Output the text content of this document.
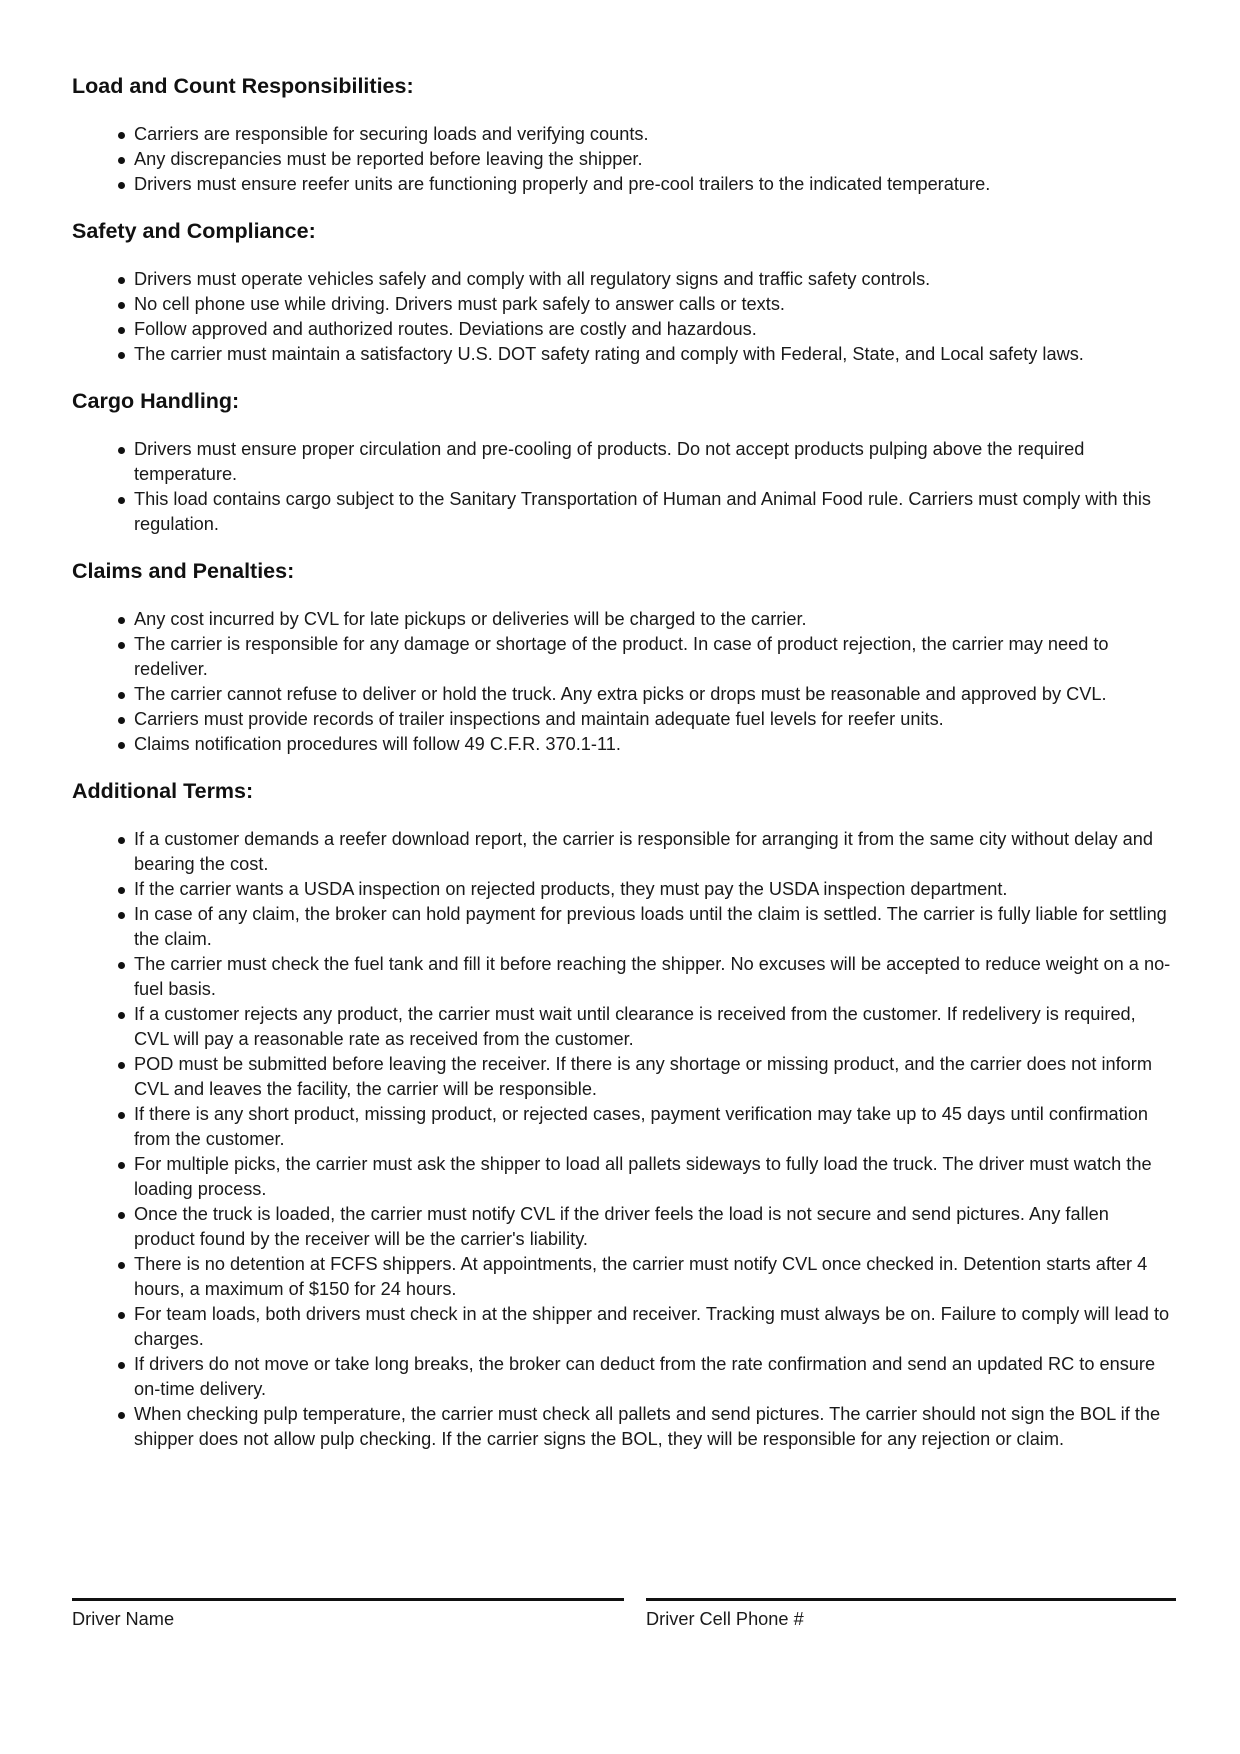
Load and Count Responsibilities:
Carriers are responsible for securing loads and verifying counts.
Any discrepancies must be reported before leaving the shipper.
Drivers must ensure reefer units are functioning properly and pre-cool trailers to the indicated temperature.
Safety and Compliance:
Drivers must operate vehicles safely and comply with all regulatory signs and traffic safety controls.
No cell phone use while driving. Drivers must park safely to answer calls or texts.
Follow approved and authorized routes. Deviations are costly and hazardous.
The carrier must maintain a satisfactory U.S. DOT safety rating and comply with Federal, State, and Local safety laws.
Cargo Handling:
Drivers must ensure proper circulation and pre-cooling of products. Do not accept products pulping above the required temperature.
This load contains cargo subject to the Sanitary Transportation of Human and Animal Food rule. Carriers must comply with this regulation.
Claims and Penalties:
Any cost incurred by CVL for late pickups or deliveries will be charged to the carrier.
The carrier is responsible for any damage or shortage of the product. In case of product rejection, the carrier may need to redeliver.
The carrier cannot refuse to deliver or hold the truck. Any extra picks or drops must be reasonable and approved by CVL.
Carriers must provide records of trailer inspections and maintain adequate fuel levels for reefer units.
Claims notification procedures will follow 49 C.F.R. 370.1-11.
Additional Terms:
If a customer demands a reefer download report, the carrier is responsible for arranging it from the same city without delay and bearing the cost.
If the carrier wants a USDA inspection on rejected products, they must pay the USDA inspection department.
In case of any claim, the broker can hold payment for previous loads until the claim is settled. The carrier is fully liable for settling the claim.
The carrier must check the fuel tank and fill it before reaching the shipper. No excuses will be accepted to reduce weight on a no-fuel basis.
If a customer rejects any product, the carrier must wait until clearance is received from the customer. If redelivery is required, CVL will pay a reasonable rate as received from the customer.
POD must be submitted before leaving the receiver. If there is any shortage or missing product, and the carrier does not inform CVL and leaves the facility, the carrier will be responsible.
If there is any short product, missing product, or rejected cases, payment verification may take up to 45 days until confirmation from the customer.
For multiple picks, the carrier must ask the shipper to load all pallets sideways to fully load the truck. The driver must watch the loading process.
Once the truck is loaded, the carrier must notify CVL if the driver feels the load is not secure and send pictures. Any fallen product found by the receiver will be the carrier's liability.
There is no detention at FCFS shippers. At appointments, the carrier must notify CVL once checked in. Detention starts after 4 hours, a maximum of $150 for 24 hours.
For team loads, both drivers must check in at the shipper and receiver. Tracking must always be on. Failure to comply will lead to charges.
If drivers do not move or take long breaks, the broker can deduct from the rate confirmation and send an updated RC to ensure on-time delivery.
When checking pulp temperature, the carrier must check all pallets and send pictures. The carrier should not sign the BOL if the shipper does not allow pulp checking. If the carrier signs the BOL, they will be responsible for any rejection or claim.
Driver Name	Driver Cell Phone #
